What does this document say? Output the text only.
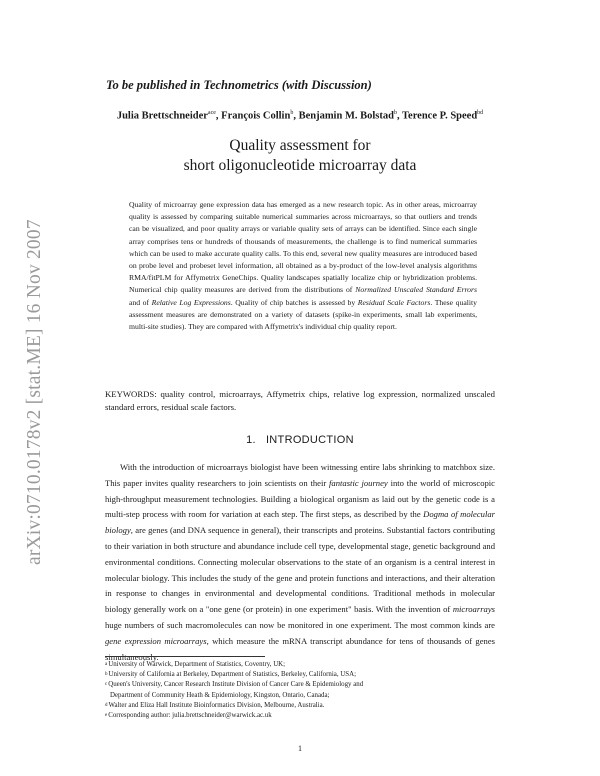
arXiv:0710.0178v2 [stat.ME] 16 Nov 2007
To be published in Technometrics (with Discussion)
Julia Brettschneider$^{ace}$, François Collin$^b$, Benjamin M. Bolstad$^b$, Terence P. Speed$^{bd}$
Quality assessment for
short oligonucleotide microarray data

Quality of microarray gene expression data has emerged as a new research topic. As in other areas, microarray quality is assessed by comparing suitable numerical summaries across microarrays, so that outliers and trends can be visualized, and poor quality arrays or variable quality sets of arrays can be identified. Since each single array comprises tens or hundreds of thousands of measurements, the challenge is to find numerical summaries which can be used to make accurate quality calls. To this end, several new quality measures are introduced based on probe level and probeset level information, all obtained as a by-product of the low-level analysis algorithms RMA/fitPLM for Affymetrix GeneChips. Quality landscapes spatially localize chip or hybridization problems. Numerical chip quality measures are derived from the distributions of Normalized Unscaled Standard Errors and of Relative Log Expressions. Quality of chip batches is assessed by Residual Scale Factors. These quality assessment measures are demonstrated on a variety of datasets (spike-in experiments, small lab experiments, multi-site studies). They are compared with Affymetrix's individual chip quality report.

KEYWORDS: quality control, microarrays, Affymetrix chips, relative log expression, normalized unscaled standard errors, residual scale factors.
1. INTRODUCTION

With the introduction of microarrays biologist have been witnessing entire labs shrinking to matchbox size. This paper invites quality researchers to join scientists on their fantastic journey into the world of microscopic high-throughput measurement technologies. Building a biological organism as laid out by the genetic code is a multi-step process with room for variation at each step. The first steps, as described by the Dogma of molecular biology, are genes (and DNA sequence in general), their transcripts and proteins. Substantial factors contributing to their variation in both structure and abundance include cell type, developmental stage, genetic background and environmental conditions. Connecting molecular observations to the state of an organism is a central interest in molecular biology. This includes the study of the gene and protein functions and interactions, and their alteration in response to changes in environmental and developmental conditions. Traditional methods in molecular biology generally work on a "one gene (or protein) in one experiment" basis. With the invention of microarrays huge numbers of such macromolecules can now be monitored in one experiment. The most common kinds are gene expression microarrays, which measure the mRNA transcript abundance for tens of thousands of genes simultaneously.

a University of Warwick, Department of Statistics, Coventry, UK;
b University of California at Berkeley, Department of Statistics, Berkeley, California, USA;
c Queen's University, Cancer Research Institute Division of Cancer Care & Epidemiology and
Department of Community Heath & Epidemiology, Kingston, Ontario, Canada;
d Walter and Eliza Hall Institute Bioinformatics Division, Melbourne, Australia.
e Corresponding author: julia.brettschneider@warwick.ac.uk
1
